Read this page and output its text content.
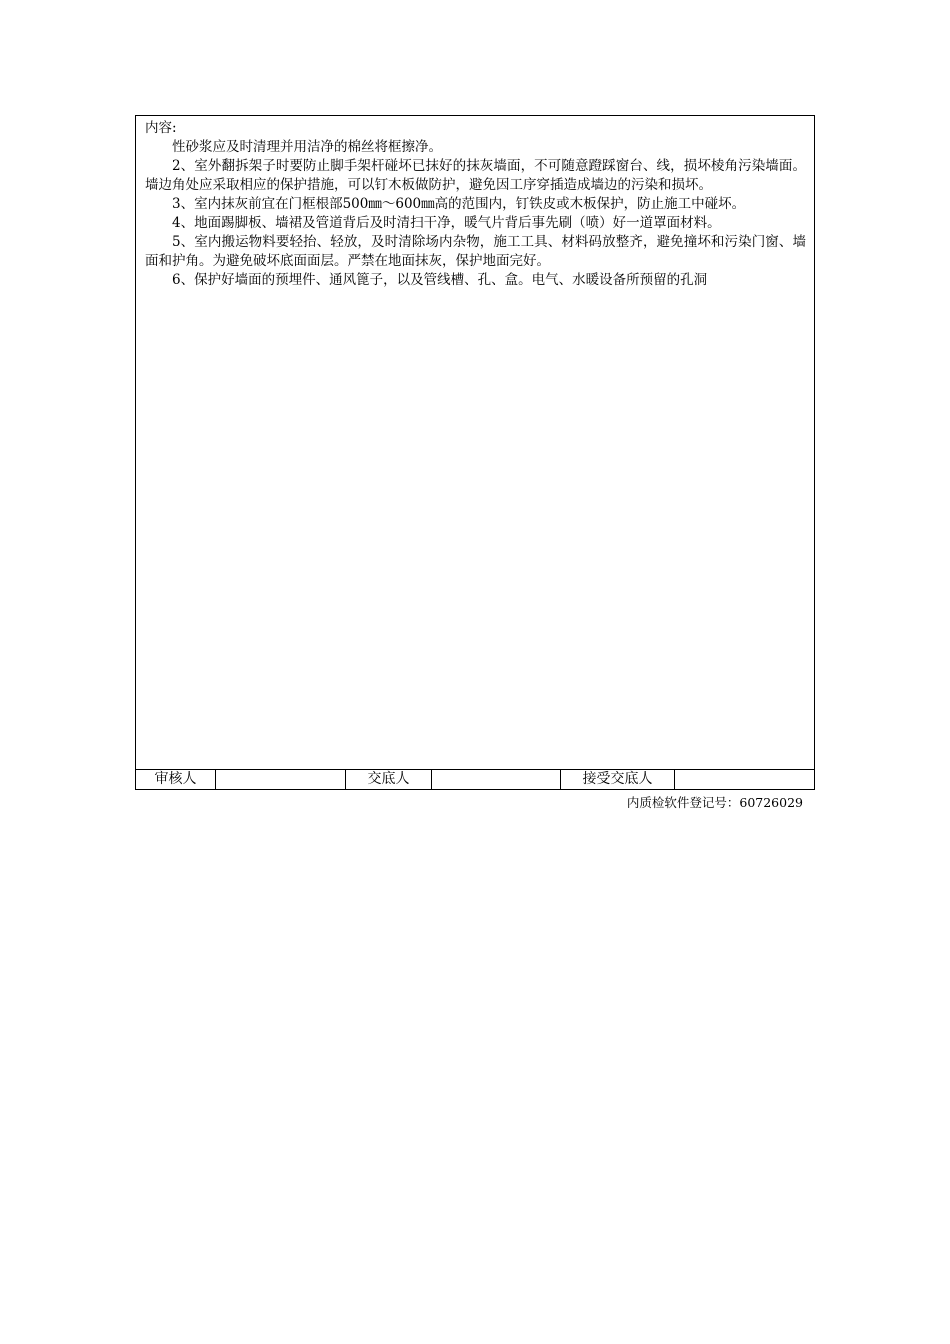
内容:

性砂浆应及时清理并用洁净的棉丝将框擦净。

2、室外翻拆架子时要防止脚手架杆碰坏已抹好的抹灰墙面，不可随意蹬踩窗台、线，损坏棱角污染墙面。墙边角处应采取相应的保护措施，可以钉木板做防护，避免因工序穿插造成墙边的污染和损坏。

3、室内抹灰前宜在门框根部500㎜～600㎜高的范围内，钉铁皮或木板保护，防止施工中碰坏。

4、地面踢脚板、墙裙及管道背后及时清扫干净，暖气片背后事先刷（喷）好一道罩面材料。

5、室内搬运物料要轻抬、轻放，及时清除场内杂物，施工工具、材料码放整齐，避免撞坏和污染门窗、墙面和护角。为避免破坏底面面层。严禁在地面抹灰，保护地面完好。

6、保护好墙面的预埋件、通风篦子，以及管线槽、孔、盒。电气、水暖设备所预留的孔洞

审核人	交底人	接受交底人
内质检软件登记号：60726029
